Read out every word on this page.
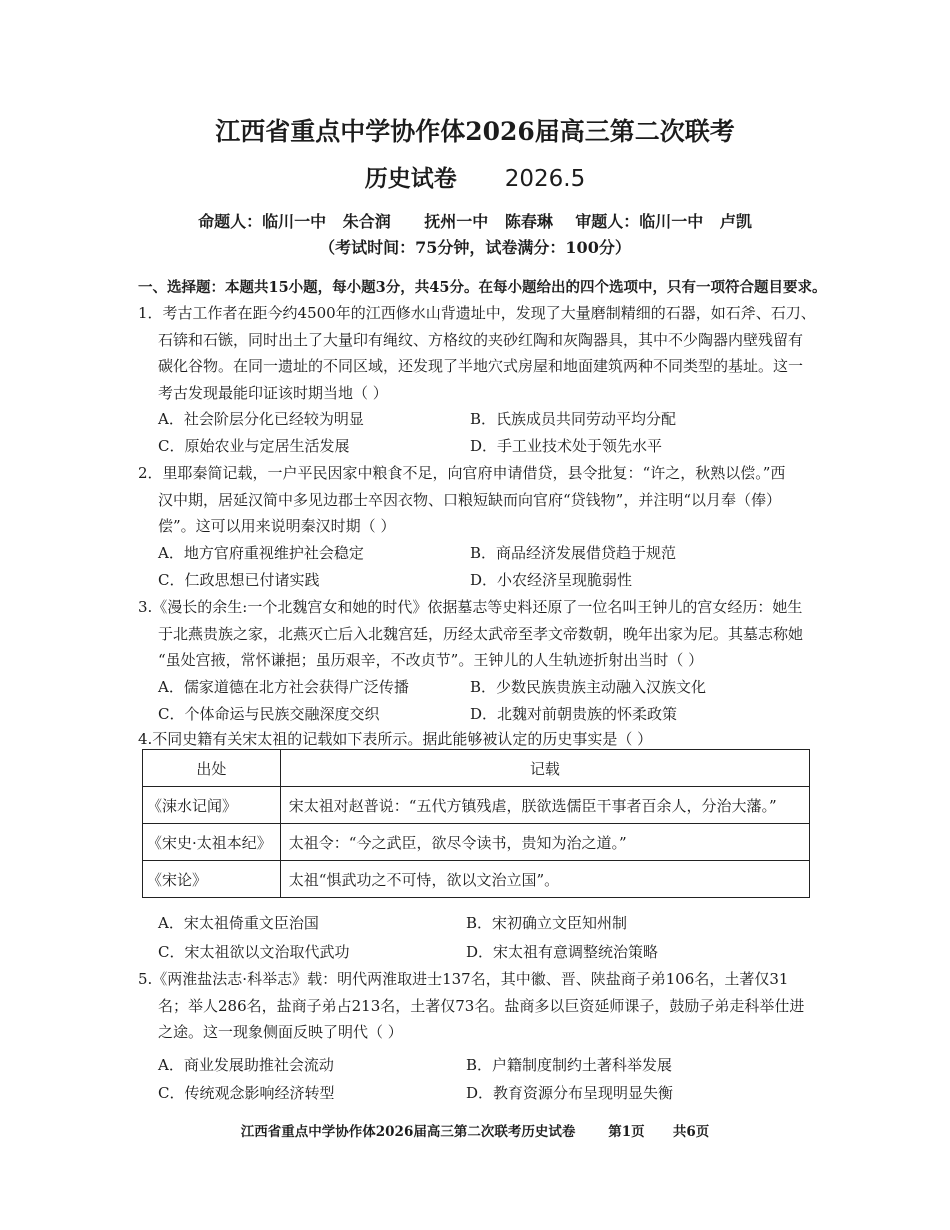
江西省重点中学协作体2026届高三第二次联考
历史试卷 2026.5
命题人：临川一中   朱合润      抚州一中   陈春琳    审题人：临川一中   卢凯
（考试时间：75分钟，试卷满分：100分）
一、选择题：本题共15小题，每小题3分，共45分。在每小题给出的四个选项中，只有一项符合题目要求。
1．考古工作者在距今约4500年的江西修水山背遗址中，发现了大量磨制精细的石器，如石斧、石刀、
石锛和石镞，同时出土了大量印有绳纹、方格纹的夹砂红陶和灰陶器具，其中不少陶器内壁残留有
碳化谷物。在同一遗址的不同区域，还发现了半地穴式房屋和地面建筑两种不同类型的基址。这一
考古发现最能印证该时期当地（ ）
A．社会阶层分化已经较为明显	B．氏族成员共同劳动平均分配
C．原始农业与定居生活发展	D．手工业技术处于领先水平
2．里耶秦简记载，一户平民因家中粮食不足，向官府申请借贷，县令批复：“许之，秋熟以偿。”西
汉中期，居延汉简中多见边郡士卒因衣物、口粮短缺而向官府“贷钱物”，并注明“以月奉（俸）
偿”。这可以用来说明秦汉时期（ ）
A．地方官府重视维护社会稳定	B．商品经济发展借贷趋于规范
C．仁政思想已付诸实践	D．小农经济呈现脆弱性
3.《漫长的余生:一个北魏宫女和她的时代》依据墓志等史料还原了一位名叫王钟儿的宫女经历：她生
于北燕贵族之家，北燕灭亡后入北魏宫廷，历经太武帝至孝文帝数朝，晚年出家为尼。其墓志称她
“虽处宫掖，常怀谦挹；虽历艰辛，不改贞节”。王钟儿的人生轨迹折射出当时（ ）
A．儒家道德在北方社会获得广泛传播	B．少数民族贵族主动融入汉族文化
C．个体命运与民族交融深度交织	D．北魏对前朝贵族的怀柔政策
4.不同史籍有关宋太祖的记载如下表所示。据此能够被认定的历史事实是（ ）
出处	记载
《涑水记闻》	宋太祖对赵普说：“五代方镇残虐，朕欲选儒臣干事者百余人，分治大藩。”
《宋史·太祖本纪》	太祖令：“今之武臣，欲尽令读书，贵知为治之道。”
《宋论》	太祖“惧武功之不可恃，欲以文治立国”。
A．宋太祖倚重文臣治国	B．宋初确立文臣知州制
C．宋太祖欲以文治取代武功	D．宋太祖有意调整统治策略
5.《两淮盐法志·科举志》载：明代两淮取进士137名，其中徽、晋、陕盐商子弟106名，土著仅31
名；举人286名，盐商子弟占213名，土著仅73名。盐商多以巨资延师课子，鼓励子弟走科举仕进
之途。这一现象侧面反映了明代（ ）
A．商业发展助推社会流动	B．户籍制度制约土著科举发展
C．传统观念影响经济转型	D．教育资源分布呈现明显失衡
江西省重点中学协作体2026届高三第二次联考历史试卷       第1页      共6页
